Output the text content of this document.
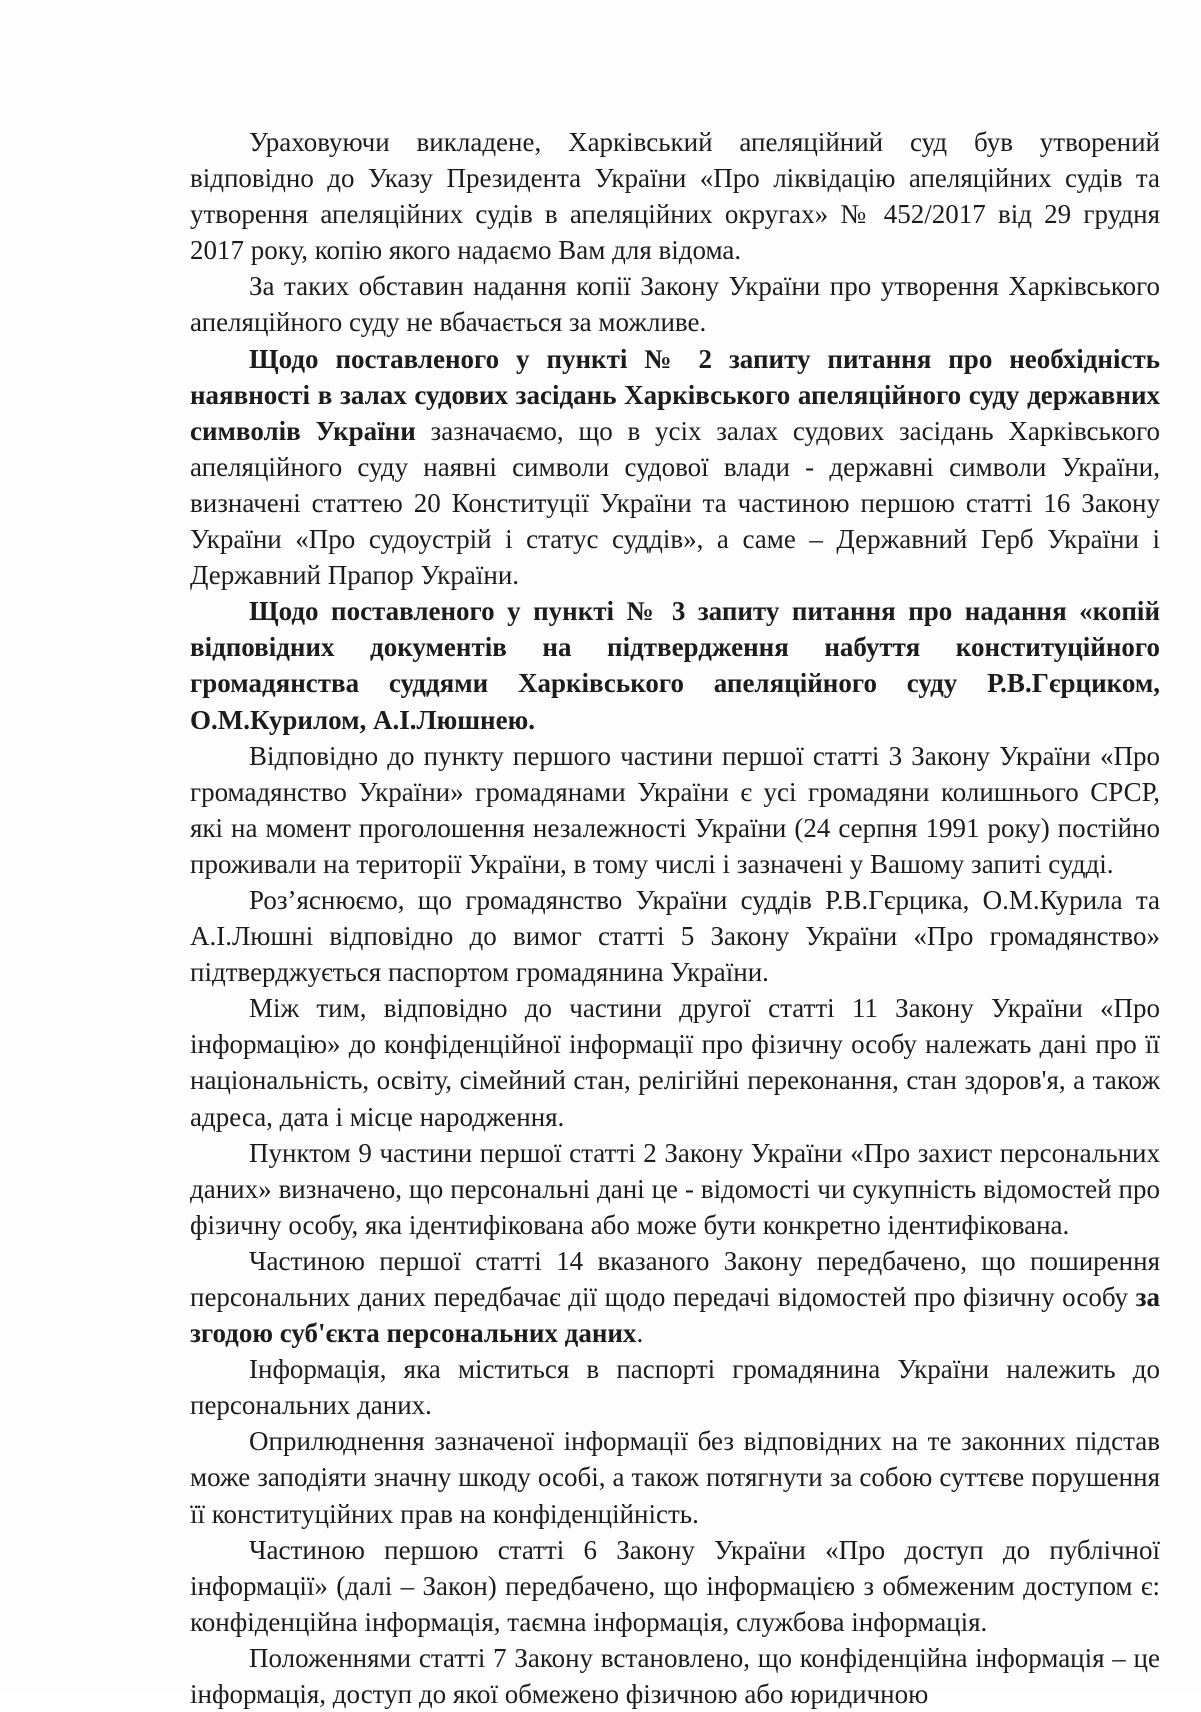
Ураховуючи викладене, Харківський апеляційний суд був утворений відповідно до Указу Президента України «Про ліквідацію апеляційних судів та утворення апеляційних судів в апеляційних округах» № 452/2017 від 29 грудня 2017 року, копію якого надаємо Вам для відома.

За таких обставин надання копії Закону України про утворення Харківського апеляційного суду не вбачається за можливе.

Щодо поставленого у пункті № 2 запиту питання про необхідність наявності в залах судових засідань Харківського апеляційного суду державних символів України зазначаємо, що в усіх залах судових засідань Харківського апеляційного суду наявні символи судової влади - державні символи України, визначені статтею 20 Конституції України та частиною першою статті 16 Закону України «Про судоустрій і статус суддів», а саме – Державний Герб України і Державний Прапор України.

Щодо поставленого у пункті № 3 запиту питання про надання «копій відповідних документів на підтвердження набуття конституційного громадянства суддями Харківського апеляційного суду Р.В.Гєрциком, О.М.Курилом, А.І.Люшнею.

Відповідно до пункту першого частини першої статті 3 Закону України «Про громадянство України» громадянами України є усі громадяни колишнього СРСР, які на момент проголошення незалежності України (24 серпня 1991 року) постійно проживали на території України, в тому числі і зазначені у Вашому запиті судді.

Роз’яснюємо, що громадянство України суддів Р.В.Гєрцика, О.М.Курила та А.І.Люшні відповідно до вимог статті 5 Закону України «Про громадянство» підтверджується паспортом громадянина України.

Між тим, відповідно до частини другої статті 11 Закону України «Про інформацію» до конфіденційної інформації про фізичну особу належать дані про її національність, освіту, сімейний стан, релігійні переконання, стан здоров'я, а також адреса, дата і місце народження.

Пунктом 9 частини першої статті 2 Закону України «Про захист персональних даних» визначено, що персональні дані це - відомості чи сукупність відомостей про фізичну особу, яка ідентифікована або може бути конкретно ідентифікована.

Частиною першої статті 14 вказаного Закону передбачено, що поширення персональних даних передбачає дії щодо передачі відомостей про фізичну особу за згодою суб'єкта персональних даних.

Інформація, яка міститься в паспорті громадянина України належить до персональних даних.

Оприлюднення зазначеної інформації без відповідних на те законних підстав може заподіяти значну шкоду особі, а також потягнути за собою суттєве порушення її конституційних прав на конфіденційність.

Частиною першою статті 6 Закону України «Про доступ до публічної інформації» (далі – Закон) передбачено, що інформацією з обмеженим доступом є: конфіденційна інформація, таємна інформація, службова інформація.

Положеннями статті 7 Закону встановлено, що конфіденційна інформація – це інформація, доступ до якої обмежено фізичною або юридичною
